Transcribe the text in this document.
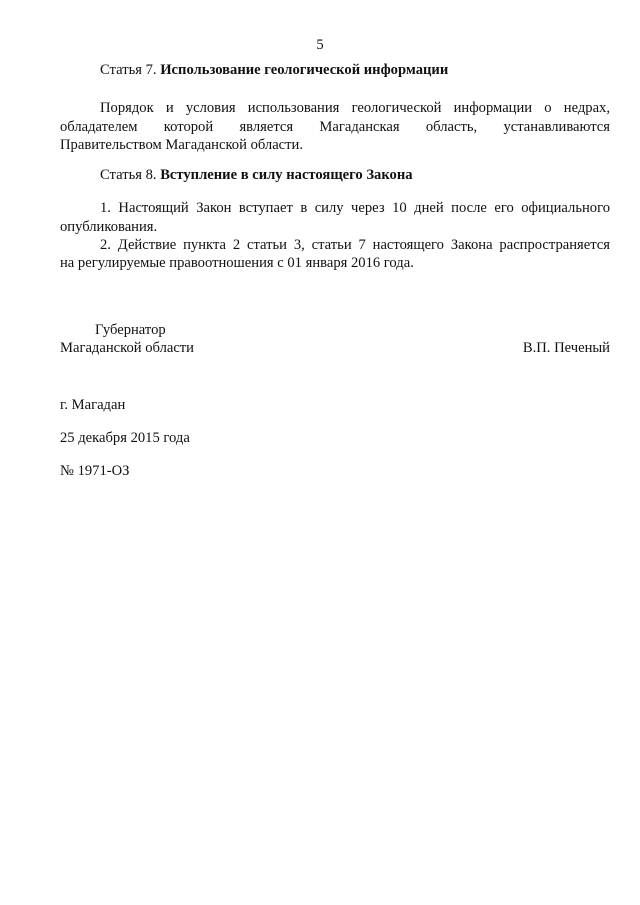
5
Статья 7. Использование геологической информации
Порядок и условия использования геологической информации о недрах,
обладателем которой является Магаданская область, устанавливаются
Правительством Магаданской области.
Статья 8. Вступление в силу настоящего Закона
1. Настоящий Закон вступает в силу через 10 дней после его официального
опубликования.
2. Действие пункта 2 статьи 3, статьи 7 настоящего Закона распространяется
на регулируемые правоотношения с 01 января 2016 года.
Губернатор
Магаданской области	В.П. Печеный
г. Магадан
25 декабря 2015 года
№ 1971-ОЗ
